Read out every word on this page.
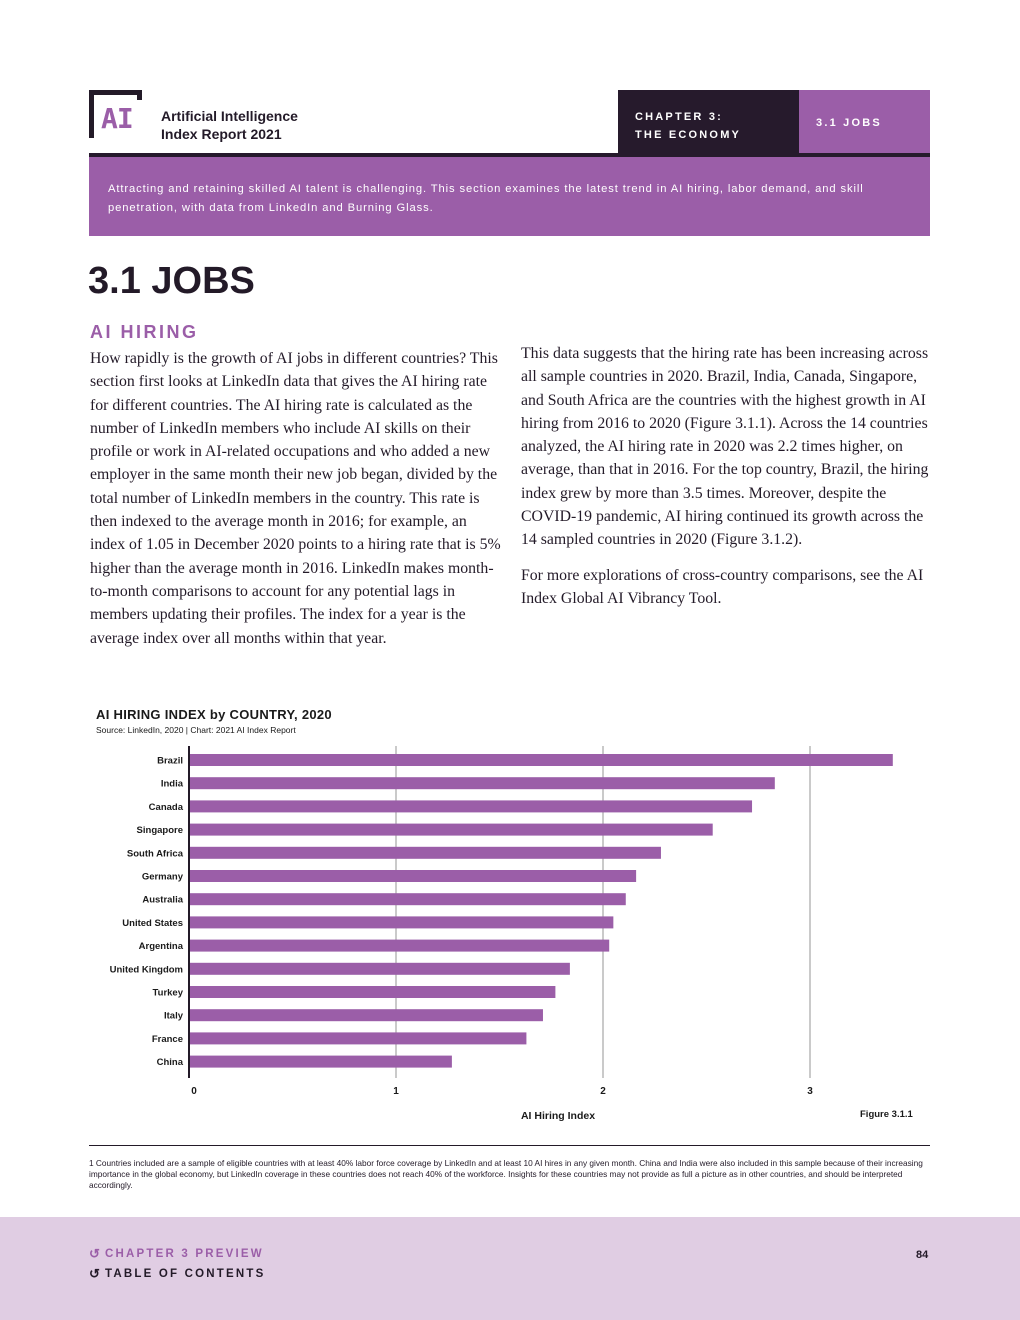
AI Artificial Intelligence
Index Report 2021
CHAPTER 3:
THE ECONOMY
3.1 JOBS
Attracting and retaining skilled AI talent is challenging. This section examines the latest trend in AI hiring, labor demand, and skill penetration, with data from LinkedIn and Burning Glass.
3.1 JOBS
AI HIRING

How rapidly is the growth of AI jobs in different countries? This section first looks at LinkedIn data that gives the AI hiring rate for different countries. The AI hiring rate is calculated as the number of LinkedIn members who include AI skills on their profile or work in AI-related occupations and who added a new employer in the same month their new job began, divided by the total number of LinkedIn members in the country. This rate is then indexed to the average month in 2016; for example, an index of 1.05 in December 2020 points to a hiring rate that is 5% higher than the average month in 2016. LinkedIn makes month-to-month comparisons to account for any potential lags in members updating their profiles. The index for a year is the average index over all months within that year.

This data suggests that the hiring rate has been increasing across all sample countries in 2020. Brazil, India, Canada, Singapore, and South Africa are the countries with the highest growth in AI hiring from 2016 to 2020 (Figure 3.1.1). Across the 14 countries analyzed, the AI hiring rate in 2020 was 2.2 times higher, on average, than that in 2016. For the top country, Brazil, the hiring index grew by more than 3.5 times. Moreover, despite the COVID-19 pandemic, AI hiring continued its growth across the 14 sampled countries in 2020 (Figure 3.1.2).

For more explorations of cross-country comparisons, see the AI Index Global AI Vibrancy Tool.

AI HIRING INDEX by COUNTRY, 2020
Source: LinkedIn, 2020 | Chart: 2021 AI Index Report
Brazil
India
Canada
Singapore
South Africa
Germany
Australia
United States
Argentina
United Kingdom
Turkey
Italy
France
China
0	1	2	3
AI Hiring Index	Figure 3.1.1
1 Countries included are a sample of eligible countries with at least 40% labor force coverage by LinkedIn and at least 10 AI hires in any given month. China and India were also included in this sample because of their increasing importance in the global economy, but LinkedIn coverage in these countries does not reach 40% of the workforce. Insights for these countries may not provide as full a picture as in other countries, and should be interpreted accordingly.
↺ CHAPTER 3 PREVIEW
↺ TABLE OF CONTENTS
84
